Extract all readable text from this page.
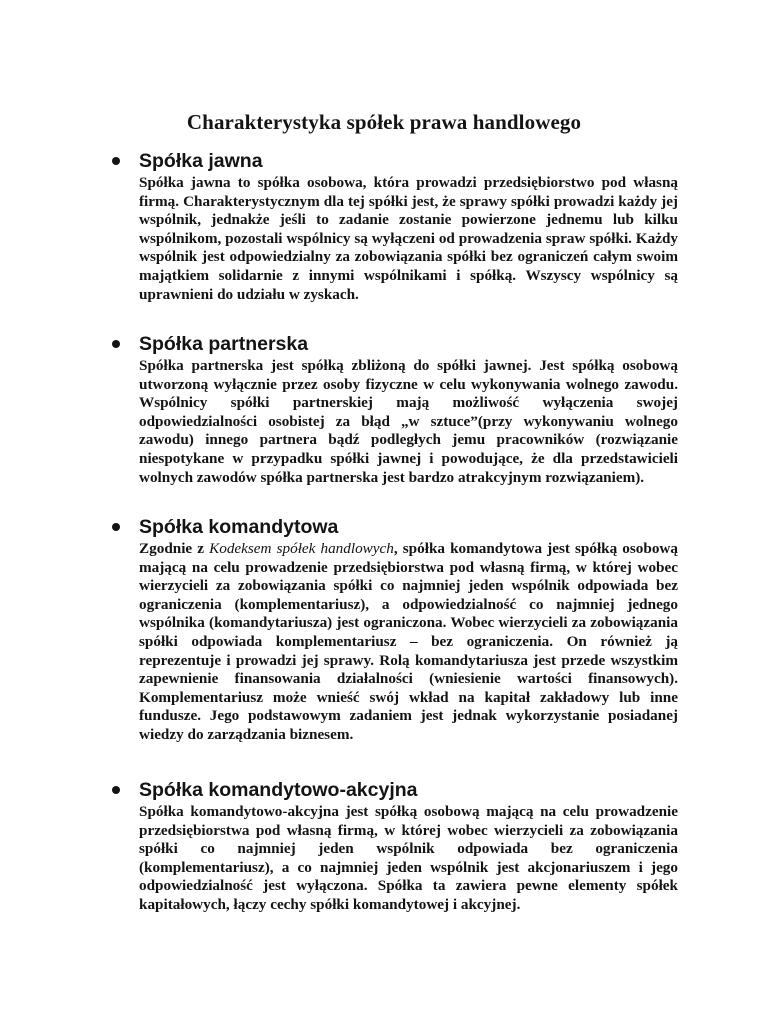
Charakterystyka spółek prawa handlowego
Spółka jawna
Spółka jawna to spółka osobowa, która prowadzi przedsiębiorstwo pod własną firmą. Charakterystycznym dla tej spółki jest, że sprawy spółki prowadzi każdy jej wspólnik, jednakże jeśli to zadanie zostanie powierzone jednemu lub kilku wspólnikom, pozostali wspólnicy są wyłączeni od prowadzenia spraw spółki. Każdy wspólnik jest odpowiedzialny za zobowiązania spółki bez ograniczeń całym swoim majątkiem solidarnie z innymi wspólnikami i spółką. Wszyscy wspólnicy są uprawnieni do udziału w zyskach.
Spółka partnerska
Spółka partnerska jest spółką zbliżoną do spółki jawnej. Jest spółką osobową utworzoną wyłącznie przez osoby fizyczne w celu wykonywania wolnego zawodu. Wspólnicy spółki partnerskiej mają możliwość wyłączenia swojej odpowiedzialności osobistej za błąd „w sztuce”(przy wykonywaniu wolnego zawodu) innego partnera bądź podległych jemu pracowników (rozwiązanie niespotykane w przypadku spółki jawnej i powodujące, że dla przedstawicieli wolnych zawodów spółka partnerska jest bardzo atrakcyjnym rozwiązaniem).
Spółka komandytowa
Zgodnie z Kodeksem spółek handlowych, spółka komandytowa jest spółką osobową mającą na celu prowadzenie przedsiębiorstwa pod własną firmą, w której wobec wierzycieli za zobowiązania spółki co najmniej jeden wspólnik odpowiada bez ograniczenia (komplementariusz), a odpowiedzialność co najmniej jednego wspólnika (komandytariusza) jest ograniczona. Wobec wierzycieli za zobowiązania spółki odpowiada komplementariusz – bez ograniczenia. On również ją reprezentuje i prowadzi jej sprawy. Rolą komandytariusza jest przede wszystkim zapewnienie finansowania działalności (wniesienie wartości finansowych). Komplementariusz może wnieść swój wkład na kapitał zakładowy lub inne fundusze. Jego podstawowym zadaniem jest jednak wykorzystanie posiadanej wiedzy do zarządzania biznesem.
Spółka komandytowo-akcyjna
Spółka komandytowo-akcyjna jest spółką osobową mającą na celu prowadzenie przedsiębiorstwa pod własną firmą, w której wobec wierzycieli za zobowiązania spółki co najmniej jeden wspólnik odpowiada bez ograniczenia (komplementariusz), a co najmniej jeden wspólnik jest akcjonariuszem i jego odpowiedzialność jest wyłączona. Spółka ta zawiera pewne elementy spółek kapitałowych, łączy cechy spółki komandytowej i akcyjnej.
